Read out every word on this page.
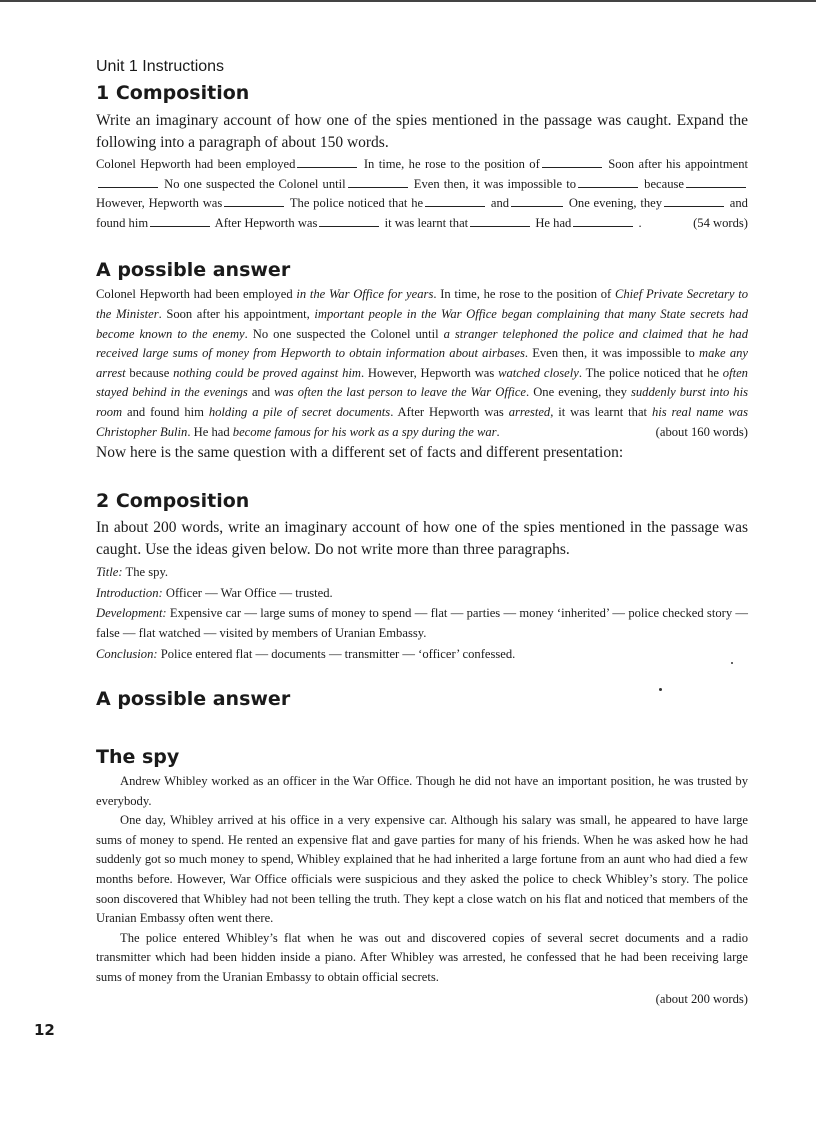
Unit 1 Instructions
1 Composition

Write an imaginary account of how one of the spies mentioned in the passage was caught. Expand the following into a paragraph of about 150 words.

Colonel Hepworth had been employed	In time, he rose to the position of	Soon after his appointment No one suspected the Colonel until	Even then, it was impossible to	because However, Hepworth was	The police noticed that he	and	One evening, they	and found him	After Hepworth was	it was learnt that	He had	.	(54 words)

A possible answer

Colonel Hepworth had been employed in the War Office for years. In time, he rose to the position of Chief Private Secretary to the Minister. Soon after his appointment, important people in the War Office began complaining that many State secrets had become known to the enemy. No one suspected the Colonel until a stranger telephoned the police and claimed that he had received large sums of money from Hepworth to obtain information about airbases. Even then, it was impossible to make any arrest because nothing could be proved against him. However, Hepworth was watched closely. The police noticed that he often stayed behind in the evenings and was often the last person to leave the War Office. One evening, they suddenly burst into his room and found him holding a pile of secret documents. After Hepworth was arrested, it was learnt that his real name was Christopher Bulin. He had become famous for his work as a spy during the war.	(about 160 words)

Now here is the same question with a different set of facts and different presentation:

2 Composition

In about 200 words, write an imaginary account of how one of the spies mentioned in the passage was caught. Use the ideas given below. Do not write more than three paragraphs.

Title: The spy.

Introduction: Officer — War Office — trusted.

Development: Expensive car — large sums of money to spend — flat — parties — money ‘inherited’ — police checked story — false — flat watched — visited by members of Uranian Embassy.

Conclusion: Police entered flat — documents — transmitter — ‘officer’ confessed.

A possible answer
The spy

Andrew Whibley worked as an officer in the War Office. Though he did not have an important position, he was trusted by everybody.

One day, Whibley arrived at his office in a very expensive car. Although his salary was small, he appeared to have large sums of money to spend. He rented an expensive flat and gave parties for many of his friends. When he was asked how he had suddenly got so much money to spend, Whibley explained that he had inherited a large fortune from an aunt who had died a few months before. However, War Office officials were suspicious and they asked the police to check Whibley’s story. The police soon discovered that Whibley had not been telling the truth. They kept a close watch on his flat and noticed that members of the Uranian Embassy often went there.

The police entered Whibley’s flat when he was out and discovered copies of several secret documents and a radio transmitter which had been hidden inside a piano. After Whibley was arrested, he confessed that he had been receiving large sums of money from the Uranian Embassy to obtain official secrets.

(about 200 words)

12
